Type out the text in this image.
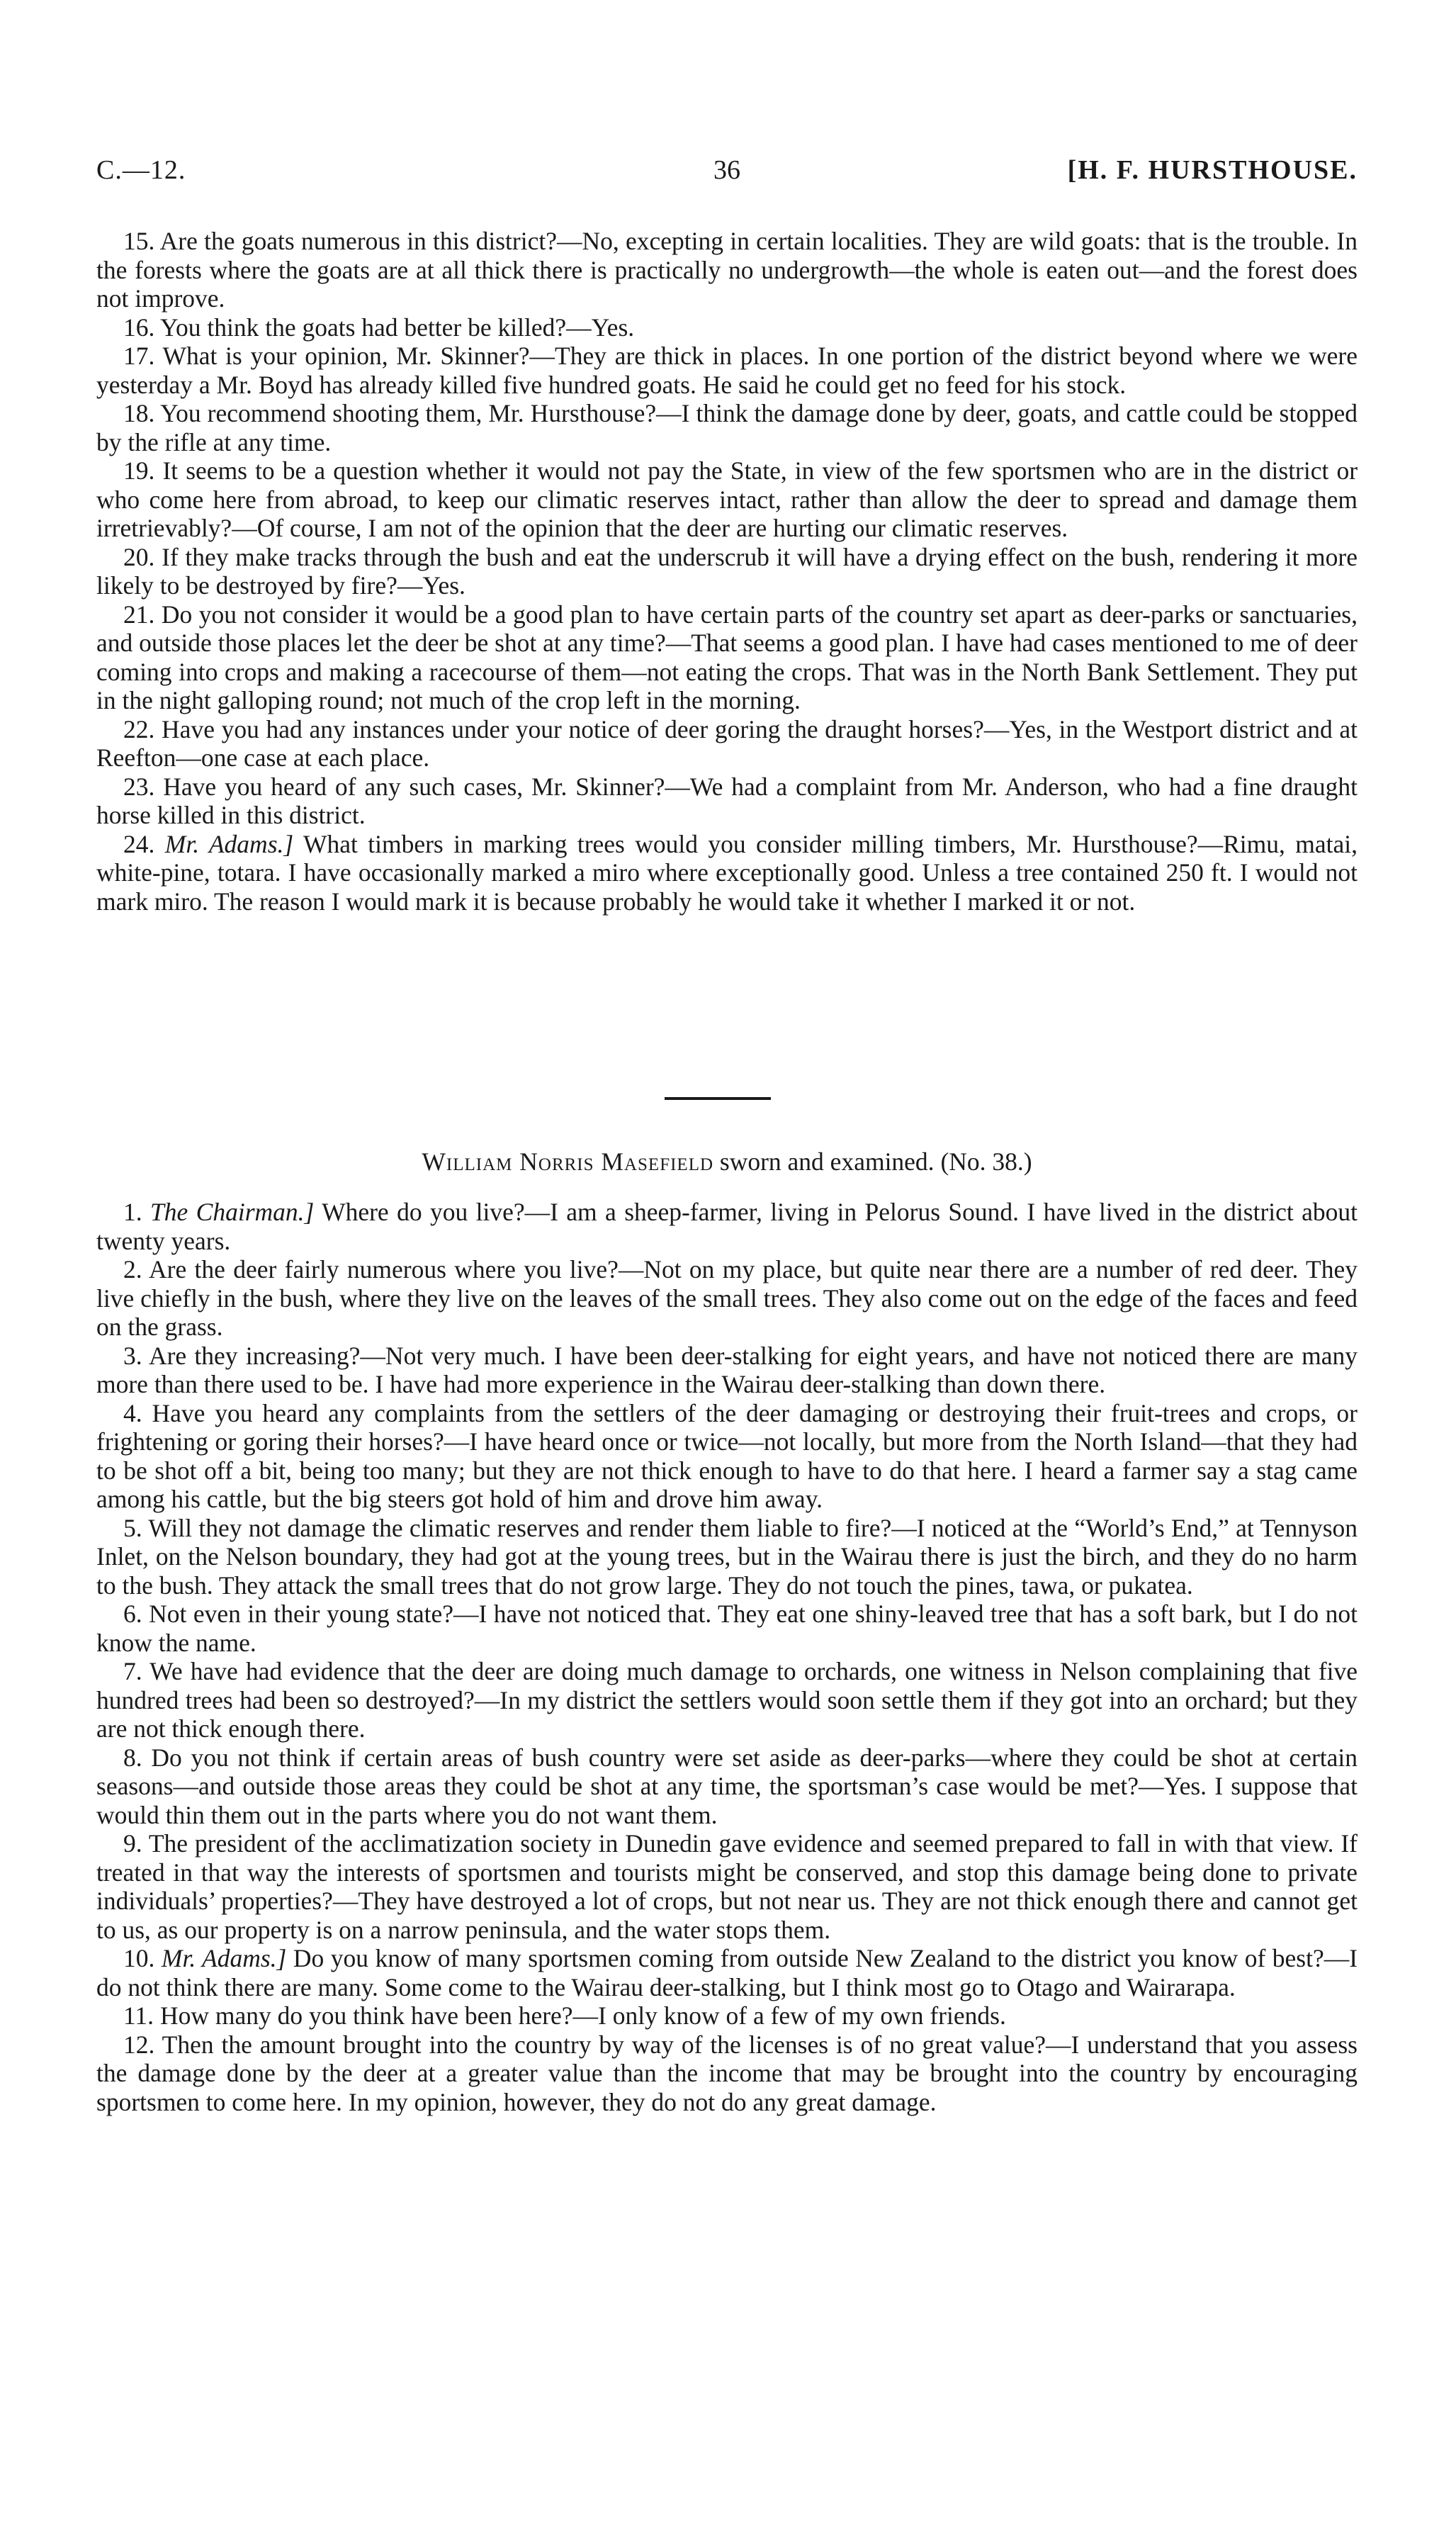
C.—12.	36	[H. F. HURSTHOUSE.

15. Are the goats numerous in this district?—No, excepting in certain localities. They are wild goats: that is the trouble. In the forests where the goats are at all thick there is practically no undergrowth—the whole is eaten out—and the forest does not improve.

16. You think the goats had better be killed?—Yes.

17. What is your opinion, Mr. Skinner?—They are thick in places. In one portion of the district beyond where we were yesterday a Mr. Boyd has already killed five hundred goats. He said he could get no feed for his stock.

18. You recommend shooting them, Mr. Hursthouse?—I think the damage done by deer, goats, and cattle could be stopped by the rifle at any time.

19. It seems to be a question whether it would not pay the State, in view of the few sportsmen who are in the district or who come here from abroad, to keep our climatic reserves intact, rather than allow the deer to spread and damage them irretrievably?—Of course, I am not of the opinion that the deer are hurting our climatic reserves.

20. If they make tracks through the bush and eat the underscrub it will have a drying effect on the bush, rendering it more likely to be destroyed by fire?—Yes.

21. Do you not consider it would be a good plan to have certain parts of the country set apart as deer-parks or sanctuaries, and outside those places let the deer be shot at any time?—That seems a good plan. I have had cases mentioned to me of deer coming into crops and making a racecourse of them—not eating the crops. That was in the North Bank Settlement. They put in the night galloping round; not much of the crop left in the morning.

22. Have you had any instances under your notice of deer goring the draught horses?—Yes, in the Westport district and at Reefton—one case at each place.

23. Have you heard of any such cases, Mr. Skinner?—We had a complaint from Mr. Anderson, who had a fine draught horse killed in this district.

24. Mr. Adams.] What timbers in marking trees would you consider milling timbers, Mr. Hursthouse?—Rimu, matai, white-pine, totara. I have occasionally marked a miro where exceptionally good. Unless a tree contained 250 ft. I would not mark miro. The reason I would mark it is because probably he would take it whether I marked it or not.

William Norris Masefield sworn and examined. (No. 38.)

1. The Chairman.] Where do you live?—I am a sheep-farmer, living in Pelorus Sound. I have lived in the district about twenty years.

2. Are the deer fairly numerous where you live?—Not on my place, but quite near there are a number of red deer. They live chiefly in the bush, where they live on the leaves of the small trees. They also come out on the edge of the faces and feed on the grass.

3. Are they increasing?—Not very much. I have been deer-stalking for eight years, and have not noticed there are many more than there used to be. I have had more experience in the Wairau deer-stalking than down there.

4. Have you heard any complaints from the settlers of the deer damaging or destroying their fruit-trees and crops, or frightening or goring their horses?—I have heard once or twice—not locally, but more from the North Island—that they had to be shot off a bit, being too many; but they are not thick enough to have to do that here. I heard a farmer say a stag came among his cattle, but the big steers got hold of him and drove him away.

5. Will they not damage the climatic reserves and render them liable to fire?—I noticed at the “World’s End,” at Tennyson Inlet, on the Nelson boundary, they had got at the young trees, but in the Wairau there is just the birch, and they do no harm to the bush. They attack the small trees that do not grow large. They do not touch the pines, tawa, or pukatea.

6. Not even in their young state?—I have not noticed that. They eat one shiny-leaved tree that has a soft bark, but I do not know the name.

7. We have had evidence that the deer are doing much damage to orchards, one witness in Nelson complaining that five hundred trees had been so destroyed?—In my district the settlers would soon settle them if they got into an orchard; but they are not thick enough there.

8. Do you not think if certain areas of bush country were set aside as deer-parks—where they could be shot at certain seasons—and outside those areas they could be shot at any time, the sportsman’s case would be met?—Yes. I suppose that would thin them out in the parts where you do not want them.

9. The president of the acclimatization society in Dunedin gave evidence and seemed prepared to fall in with that view. If treated in that way the interests of sportsmen and tourists might be conserved, and stop this damage being done to private individuals’ properties?—They have destroyed a lot of crops, but not near us. They are not thick enough there and cannot get to us, as our property is on a narrow peninsula, and the water stops them.

10. Mr. Adams.] Do you know of many sportsmen coming from outside New Zealand to the district you know of best?—I do not think there are many. Some come to the Wairau deer-stalking, but I think most go to Otago and Wairarapa.

11. How many do you think have been here?—I only know of a few of my own friends.

12. Then the amount brought into the country by way of the licenses is of no great value?—I understand that you assess the damage done by the deer at a greater value than the income that may be brought into the country by encouraging sportsmen to come here. In my opinion, however, they do not do any great damage.
